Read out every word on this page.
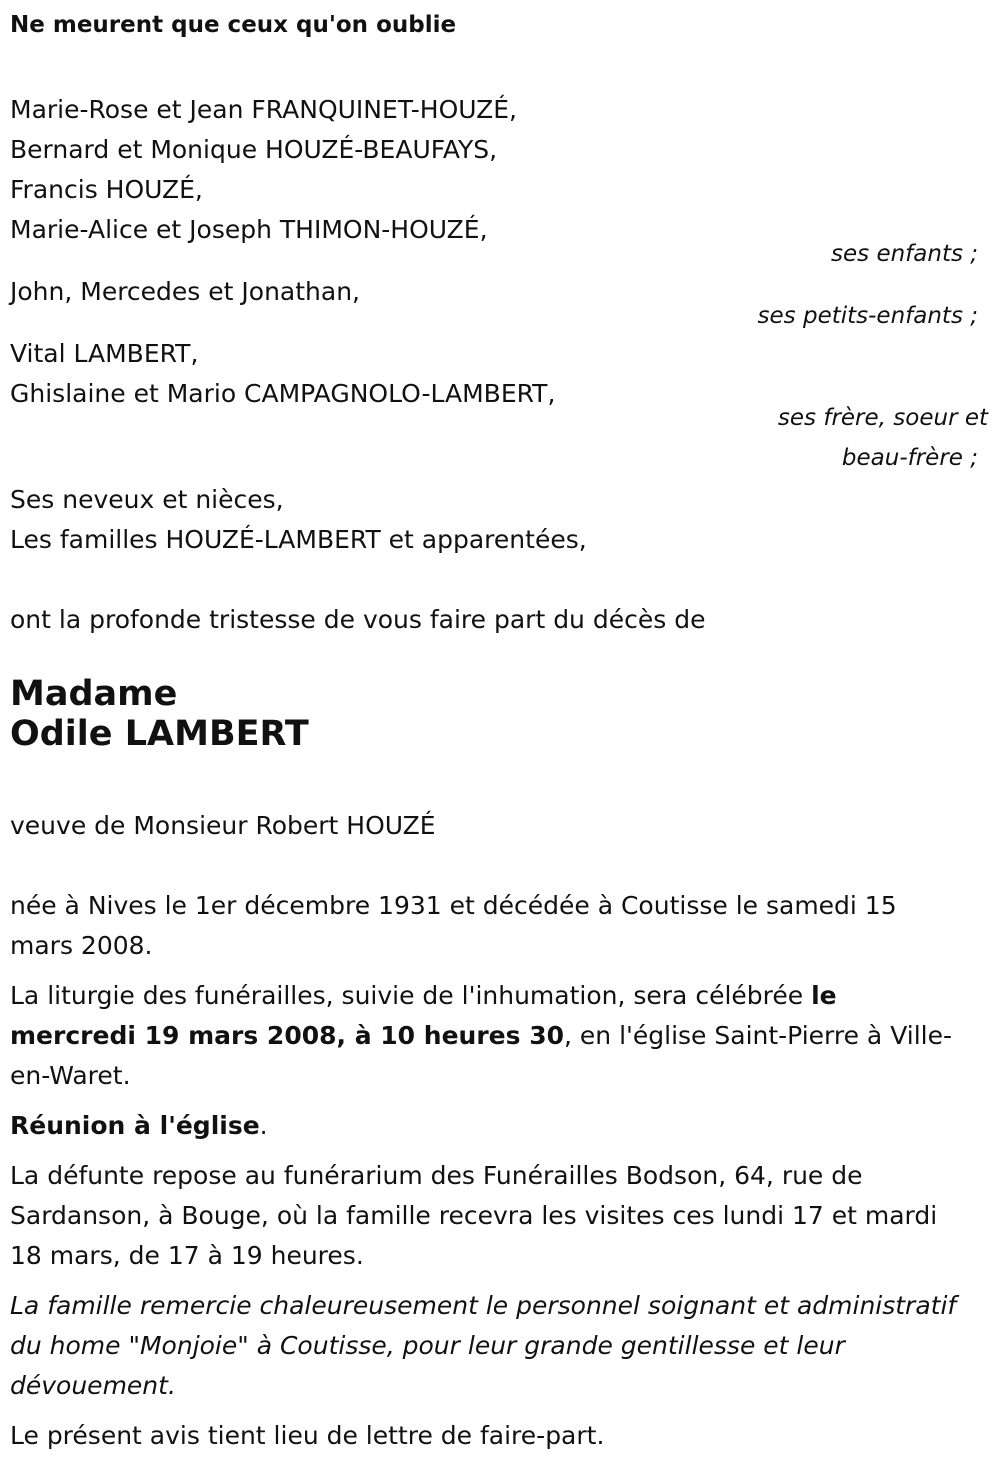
Ne meurent que ceux qu'on oublie

Marie-Rose et Jean FRANQUINET-HOUZÉ,
Bernard et Monique HOUZÉ-BEAUFAYS,
Francis HOUZÉ,
Marie-Alice et Joseph THIMON-HOUZÉ,
ses enfants ;
John, Mercedes et Jonathan,
ses petits-enfants ;
Vital LAMBERT,
Ghislaine et Mario CAMPAGNOLO-LAMBERT,
ses frère, soeur et
beau-frère ;
Ses neveux et nièces,
Les familles HOUZÉ-LAMBERT et apparentées,

ont la profonde tristesse de vous faire part du décès de

Madame
Odile LAMBERT

veuve de Monsieur Robert HOUZÉ

née à Nives le 1er décembre 1931 et décédée à Coutisse le samedi 15 mars 2008.

La liturgie des funérailles, suivie de l'inhumation, sera célébrée le mercredi 19 mars 2008, à 10 heures 30, en l'église Saint-Pierre à Ville-en-Waret.

Réunion à l'église.

La défunte repose au funérarium des Funérailles Bodson, 64, rue de Sardanson, à Bouge, où la famille recevra les visites ces lundi 17 et mardi 18 mars, de 17 à 19 heures.

La famille remercie chaleureusement le personnel soignant et administratif du home "Monjoie" à Coutisse, pour leur grande gentillesse et leur dévouement.

Le présent avis tient lieu de lettre de faire-part.
